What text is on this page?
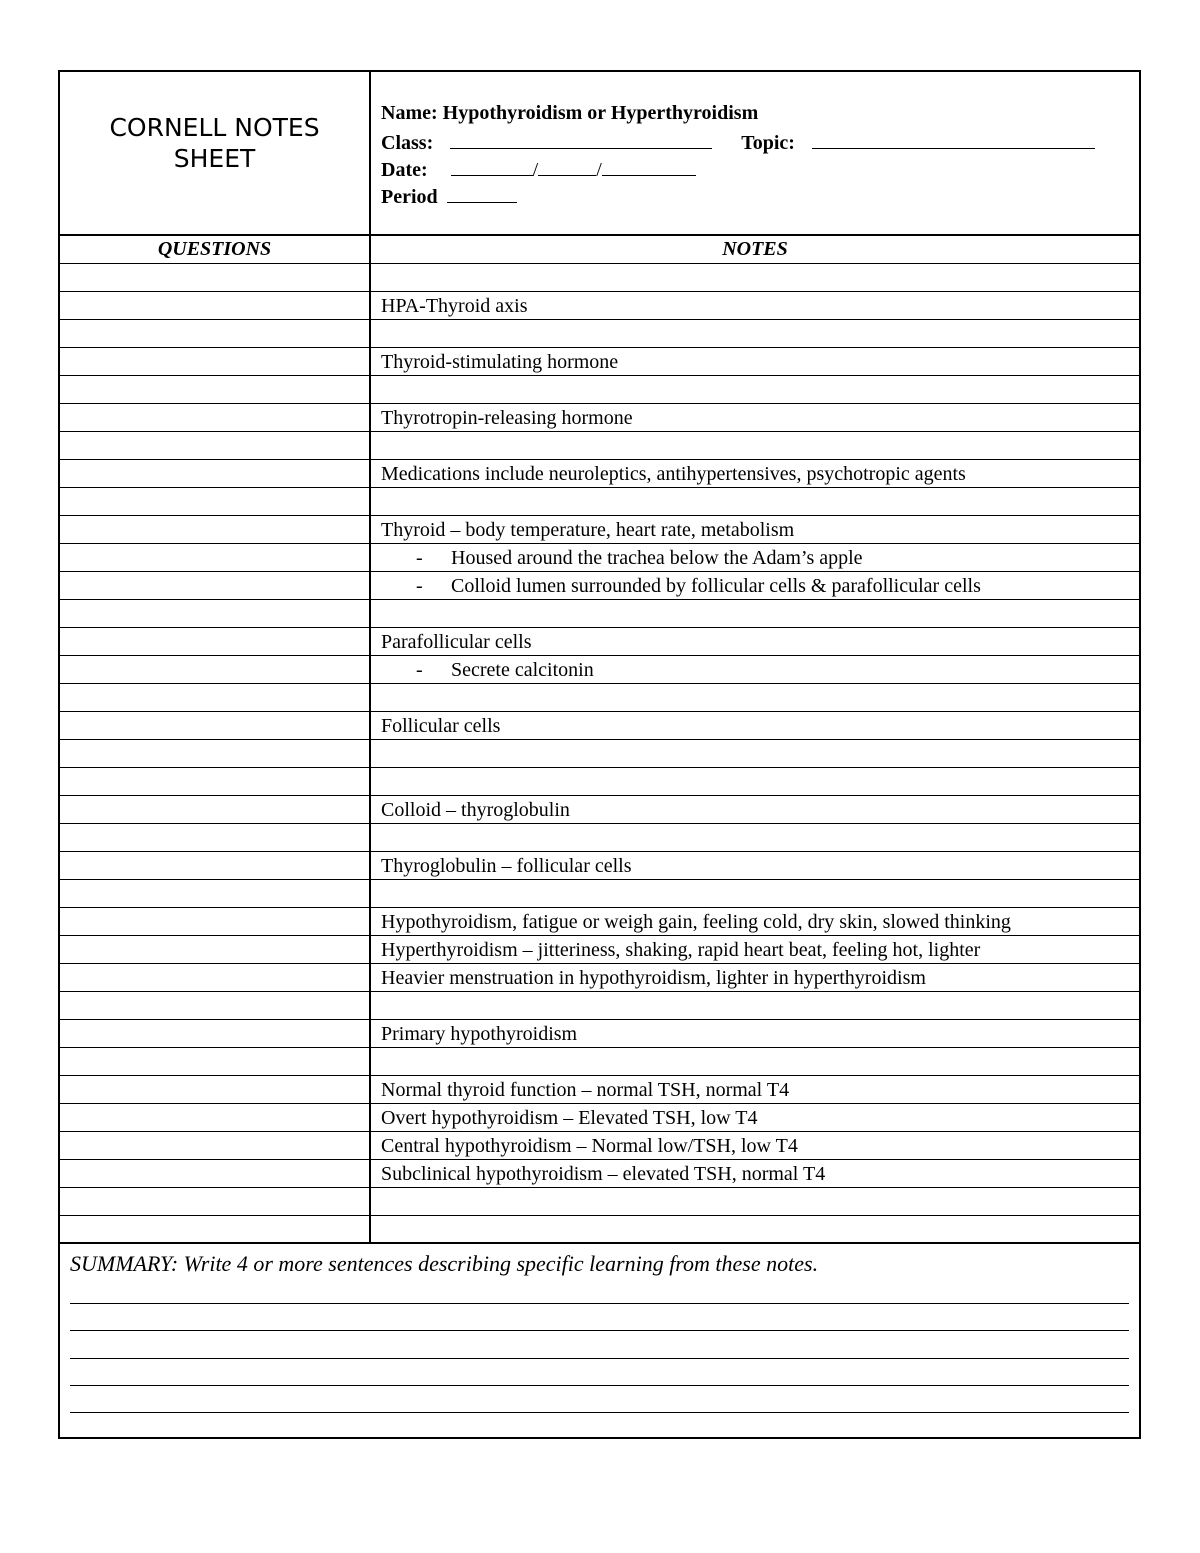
CORNELL NOTES
SHEET
Name: Hypothyroidism or Hyperthyroidism
Class:	Topic:
Date:	/	/
Period
QUESTIONS	NOTES
HPA-Thyroid axis
Thyroid-stimulating hormone
Thyrotropin-releasing hormone
Medications include neuroleptics, antihypertensives, psychotropic agents
Thyroid – body temperature, heart rate, metabolism
- Housed around the trachea below the Adam’s apple
- Colloid lumen surrounded by follicular cells & parafollicular cells
Parafollicular cells
- Secrete calcitonin
Follicular cells
Colloid – thyroglobulin
Thyroglobulin – follicular cells
Hypothyroidism, fatigue or weigh gain, feeling cold, dry skin, slowed thinking
Hyperthyroidism – jitteriness, shaking, rapid heart beat, feeling hot, lighter
Heavier menstruation in hypothyroidism, lighter in hyperthyroidism
Primary hypothyroidism
Normal thyroid function – normal TSH, normal T4
Overt hypothyroidism – Elevated TSH, low T4
Central hypothyroidism – Normal low/TSH, low T4
Subclinical hypothyroidism – elevated TSH, normal T4
SUMMARY: Write 4 or more sentences describing specific learning from these notes.
